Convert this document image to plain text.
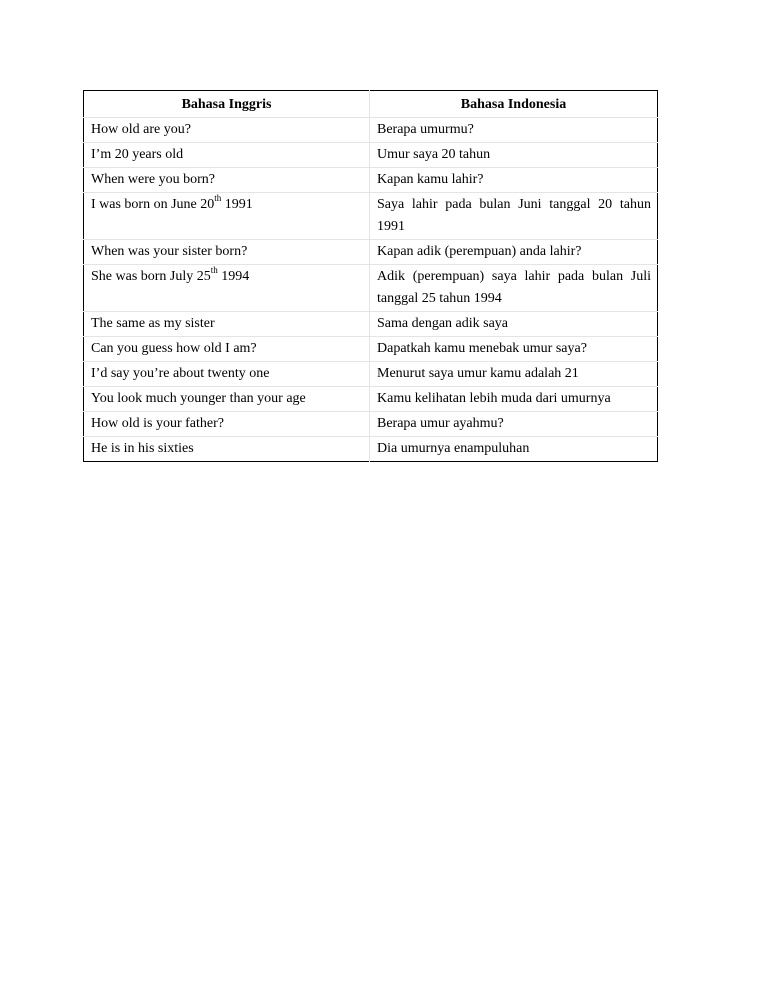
Bahasa Inggris	Bahasa Indonesia
How old are you?	Berapa umurmu?
I’m 20 years old	Umur saya 20 tahun
When were you born?	Kapan kamu lahir?
I was born on June 20th 1991	Saya lahir pada bulan Juni tanggal 20 tahun 1991
When was your sister born?	Kapan adik (perempuan) anda lahir?
She was born July 25th 1994	Adik (perempuan) saya lahir pada bulan Juli tanggal 25 tahun 1994
The same as my sister	Sama dengan adik saya
Can you guess how old I am?	Dapatkah kamu menebak umur saya?
I’d say you’re about twenty one	Menurut saya umur kamu adalah 21
You look much younger than your age	Kamu kelihatan lebih muda dari umurnya
How old is your father?	Berapa umur ayahmu?
He is in his sixties	Dia umurnya enampuluhan
